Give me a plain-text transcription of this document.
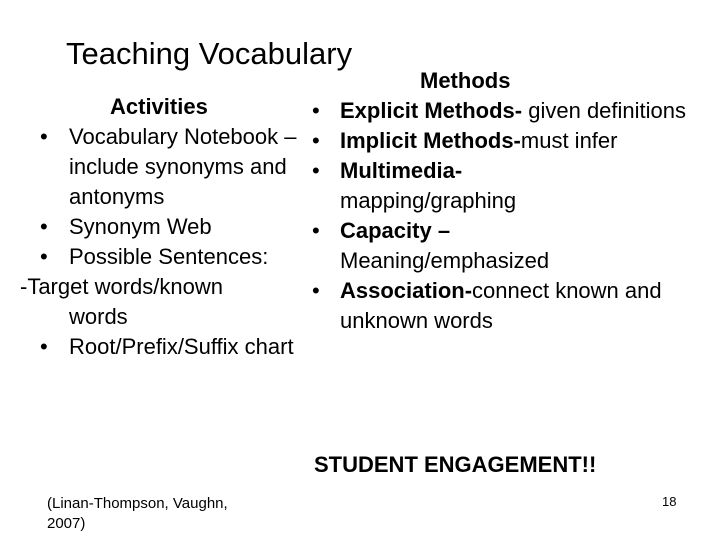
Teaching Vocabulary
Activities
• Vocabulary Notebook –include synonyms and antonyms
• Synonym Web
• Possible Sentences:
-Target words/known
words
• Root/Prefix/Suffix chart
Methods
• Explicit Methods- given definitions
• Implicit Methods-must infer
• Multimedia-mapping/graphing
• Capacity – Meaning/emphasized
• Association-connect known and unknown words
STUDENT ENGAGEMENT!!
(Linan-Thompson, Vaughn, 2007)
18
